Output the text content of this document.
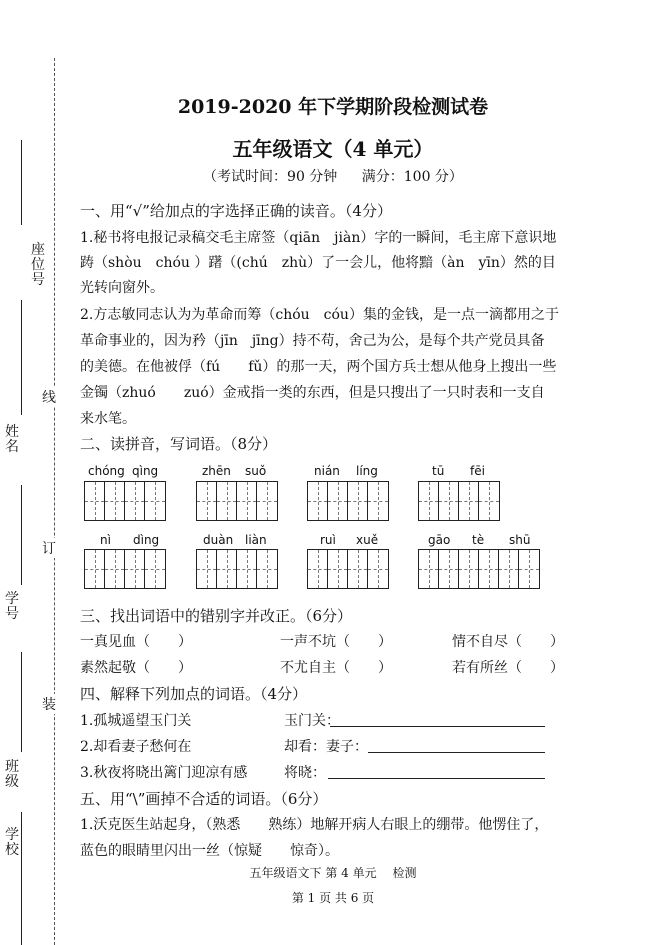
座位号
姓名
学号
班级
学校
线
订
装
2019-2020 年下学期阶段检测试卷
五年级语文（4 单元）
（考试时间：90 分钟 满分：100 分）
一、用“√”给加点的字选择正确的读音。（4分）
1.秘书将电报记录稿交毛主席签（qiān　jiàn）字的一瞬间，毛主席下意识地
踌（shòu　chóu ）躇（(chú　zhù）了一会儿，他将黯（àn　yīn）然的目
光转向窗外。
2.方志敏同志认为为革命而筹（chóu　cóu）集的金钱，是一点一滴都用之于
革命事业的，因为矜（jīn　jīng）持不苟，舍己为公，是每个共产党员具备
的美德。在他被俘（fú　　fǔ）的那一天，两个国方兵士想从他身上搜出一些
金镯（zhuó　　zuó）金戒指一类的东西，但是只搜出了一只时表和一支自
来水笔。
二、读拼音，写词语。（8分）
chóng qìng	zhēn suǒ	nián líng	tū fēi
nì dìng	duàn liàn	ruì xuě	gāo tè shū
三、找出词语中的错别字并改正。（6分）
一真见血（　　）	一声不坑（　　）	情不自尽（　　）
素然起敬（　　）	不尤自主（　　）	若有所丝（　　）
四、解释下列加点的词语。（4分）
1.孤城遥望玉门关	玉门关：
2.却看妻子愁何在	却看：妻子：
3.秋夜将晓出篱门迎凉有感	将晓：
五、用“\”画掉不合适的词语。（6分）
1.沃克医生站起身，（熟悉　　熟练）地解开病人右眼上的绷带。他愣住了，
蓝色的眼睛里闪出一丝（惊疑　　惊奇）。
五年级语文下 第 4 单元　 检测
第 1 页 共 6 页
